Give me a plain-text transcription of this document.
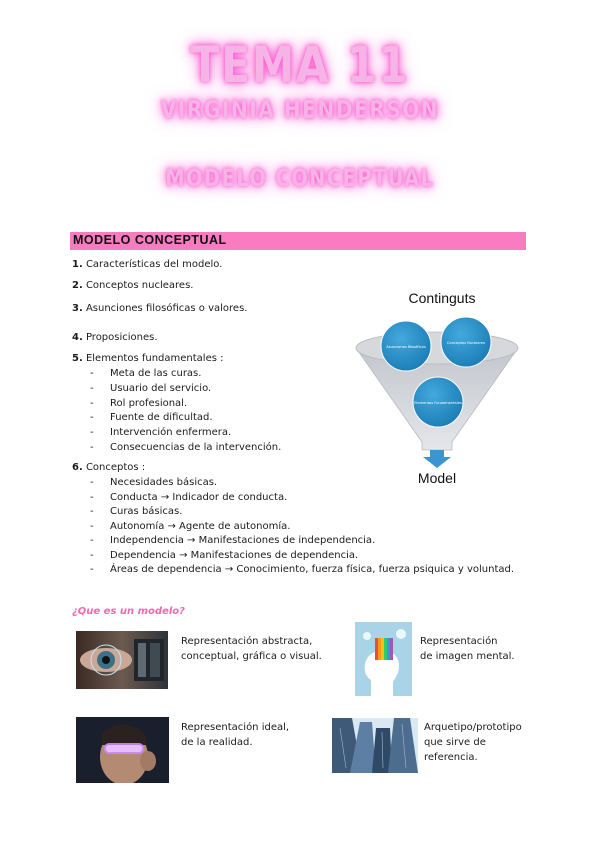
TEMA 11
VIRGINIA HENDERSON
MODELO CONCEPTUAL
MODELO CONCEPTUAL
1. Características del modelo.
2. Conceptos nucleares.
3. Asunciones filosóficas o valores.
4. Proposiciones.
5. Elementos fundamentales :
- Meta de las curas.
- Usuario del servicio.
- Rol profesional.
- Fuente de dificultad.
- Intervención enfermera.
- Consecuencias de la intervención.
6. Conceptos :
- Necesidades básicas.
- Conducta → Indicador de conducta.
- Curas básicas.
- Autonomía → Agente de autonomía.
- Independencia → Manifestaciones de independencia.
- Dependencia → Manifestaciones de dependencia.
- Áreas de dependencia → Conocimiento, fuerza física, fuerza psiquica y voluntad.
Continguts
Asunciones filosóficas
Conceptos Nucleares
Elementos Fundamentales
Model
¿Que es un modelo?
Representación abstracta,
conceptual, gráfica o visual.
Representación
de imagen mental.
Representación ideal,
de la realidad.
Arquetipo/prototipo
que sirve de
referencia.
